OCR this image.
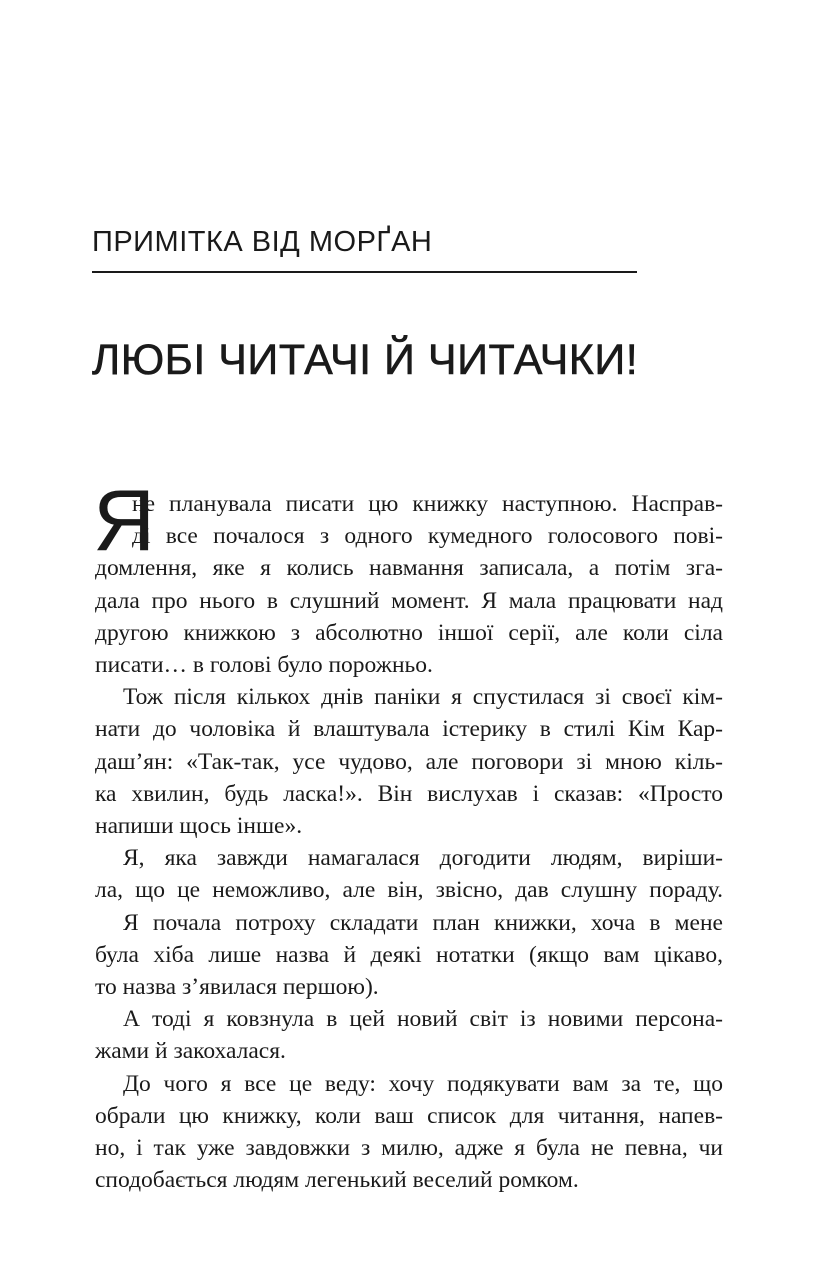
ПРИМІТКА ВІД МОРҐАН
ЛЮБІ ЧИТАЧІ Й ЧИТАЧКИ!
Я
не планувала писати цю книжку наступною. Насправ-
ді все почалося з одного кумедного голосового пові-
домлення, яке я колись навмання записала, а потім зга-
дала про нього в слушний момент. Я мала працювати над
другою книжкою з абсолютно іншої серії, але коли сіла
писати… в голові було порожньо.
Тож після кількох днів паніки я спустилася зі своєї кім-
нати до чоловіка й влаштувала істерику в стилі Кім Кар-
даш’ян: «Так-так, усе чудово, але поговори зі мною кіль-
ка хвилин, будь ласка!». Він вислухав і сказав: «Просто
напиши щось інше».
Я, яка завжди намагалася догодити людям, виріши-
ла, що це неможливо, але він, звісно, дав слушну пораду.
Я почала потроху складати план книжки, хоча в мене
була хіба лише назва й деякі нотатки (якщо вам цікаво,
то назва з’явилася першою).
А тоді я ковзнула в цей новий світ із новими персона-
жами й закохалася.
До чого я все це веду: хочу подякувати вам за те, що
обрали цю книжку, коли ваш список для читання, напев-
но, і так уже завдовжки з милю, адже я була не певна, чи
сподобається людям легенький веселий ромком.
